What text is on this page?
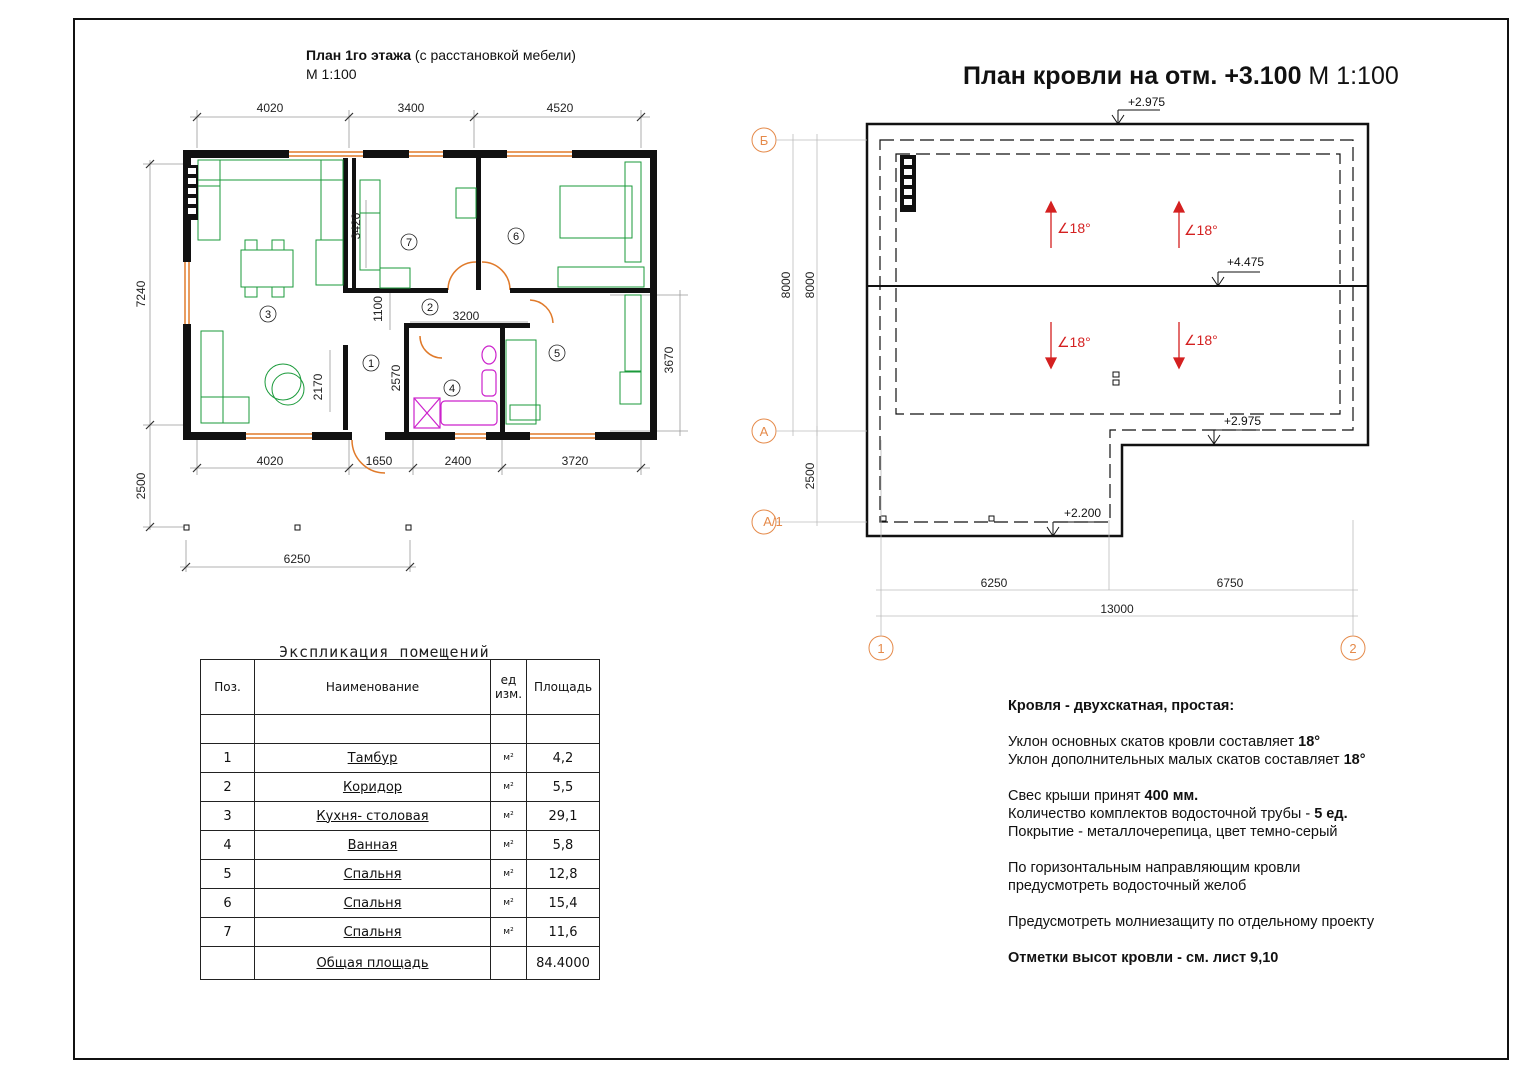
План 1го этажа (с расстановкой мебели)
М 1:100	План кровли на отм. +3.100 М 1:100
3
1
2
4
5
6
7
4020	3400	4520
4020	1650	2400	3720
6250
3200
7240
2500
3670
3420
1100
2170	2570
∠18°	∠18°
∠18°	∠18°
+2.975
+4.475
+2.975
+2.200
Б
А
А/1
1	2
8000 8000
2500
6250	6750
13000
Экспликация помещений
Поз.	Наименование	ед изм.	Площадь

1	Тамбур	м²	4,2
2	Коридор	м²	5,5
3	Кухня- столовая	м²	29,1
4	Ванная	м²	5,8
5	Спальня	м²	12,8
6	Спальня	м²	15,4
7	Спальня	м²	11,6
	Общая площадь		84.4000
Кровля - двухскатная, простая:
Уклон основных скатов кровли составляет 18°
Уклон дополнительных малых скатов составляет 18°
Свес крыши принят 400 мм.
Количество комплектов водосточной трубы - 5 ед.
Покрытие - металлочерепица, цвет темно-серый
По горизонтальным направляющим кровли
предусмотреть водосточный желоб
Предусмотреть молниезащиту по отдельному проекту
Отметки высот кровли - см. лист 9,10
